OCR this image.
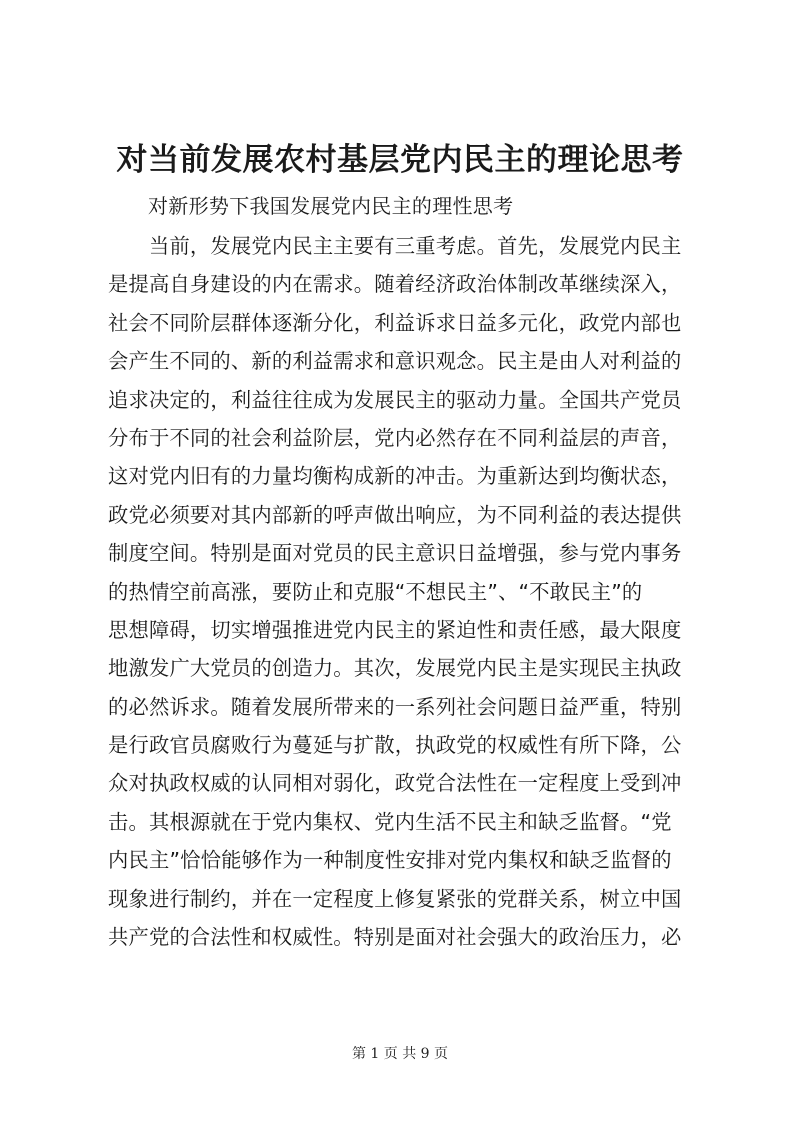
对当前发展农村基层党内民主的理论思考
对新形势下我国发展党内民主的理性思考
　　当前，发展党内民主主要有三重考虑。首先，发展党内民主
是提高自身建设的内在需求。随着经济政治体制改革继续深入，
社会不同阶层群体逐渐分化，利益诉求日益多元化，政党内部也
会产生不同的、新的利益需求和意识观念。民主是由人对利益的
追求决定的，利益往往成为发展民主的驱动力量。全国共产党员
分布于不同的社会利益阶层，党内必然存在不同利益层的声音，
这对党内旧有的力量均衡构成新的冲击。为重新达到均衡状态，
政党必须要对其内部新的呼声做出响应，为不同利益的表达提供
制度空间。特别是面对党员的民主意识日益增强，参与党内事务
的热情空前高涨，要防止和克服“不想民主”、“不敢民主”的
思想障碍，切实增强推进党内民主的紧迫性和责任感，最大限度
地激发广大党员的创造力。其次，发展党内民主是实现民主执政
的必然诉求。随着发展所带来的一系列社会问题日益严重，特别
是行政官员腐败行为蔓延与扩散，执政党的权威性有所下降，公
众对执政权威的认同相对弱化，政党合法性在一定程度上受到冲
击。其根源就在于党内集权、党内生活不民主和缺乏监督。“党
内民主”恰恰能够作为一种制度性安排对党内集权和缺乏监督的
现象进行制约，并在一定程度上修复紧张的党群关系，树立中国
共产党的合法性和权威性。特别是面对社会强大的政治压力，必
第 1 页 共 9 页
